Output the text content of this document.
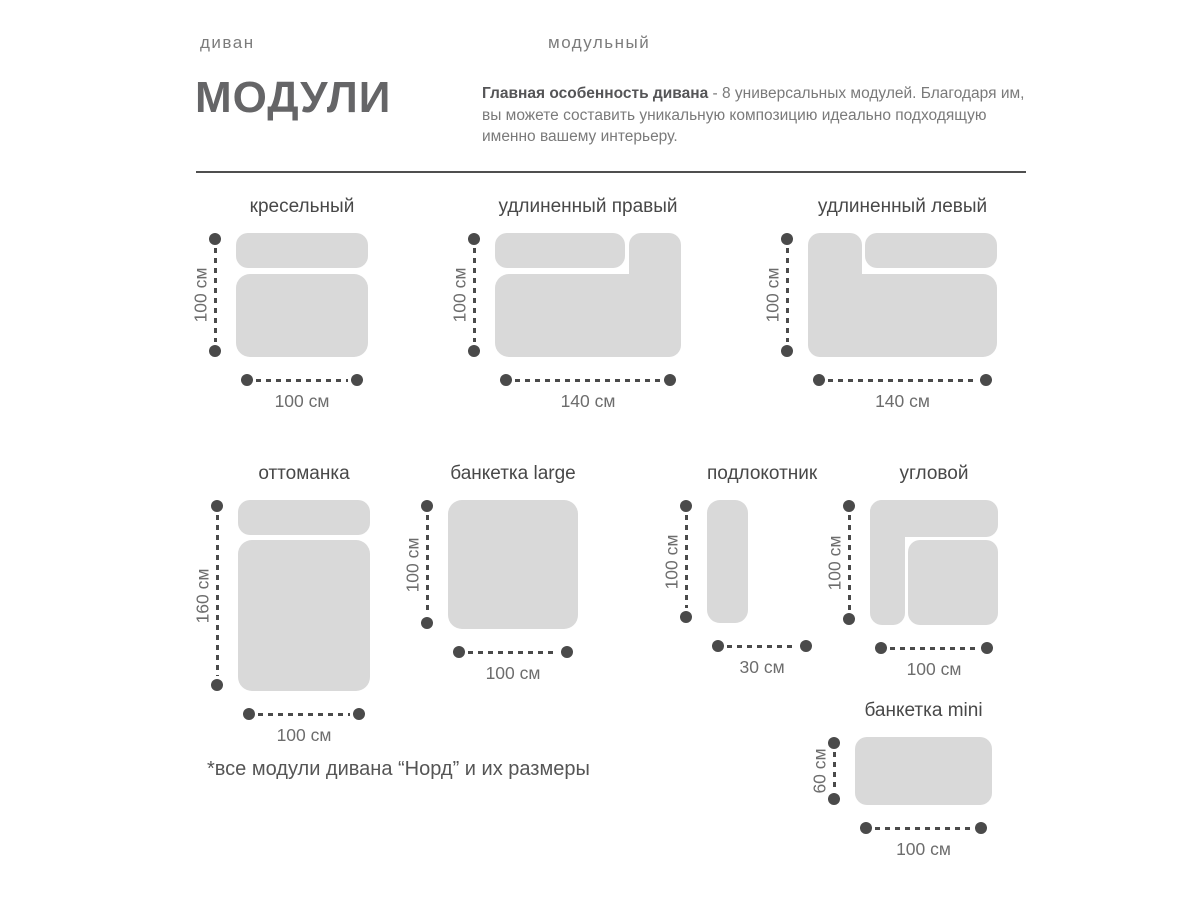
диван	модульный
МОДУЛИ	Главная особенность дивана - 8 универсальных модулей. Благодаря им, вы можете составить уникальную композицию идеально подходящую именно вашему интерьеру.
кресельный
100 см
100 см
удлиненный правый
100 см
140 см
удлиненный левый
100 см
140 см
оттоманка
160 см
100 см
банкетка large
100 см
100 см
подлокотник
100 см
30 см
угловой
100 см
100 см
банкетка mini
60 см
100 см
*все модули дивана “Норд” и их размеры
